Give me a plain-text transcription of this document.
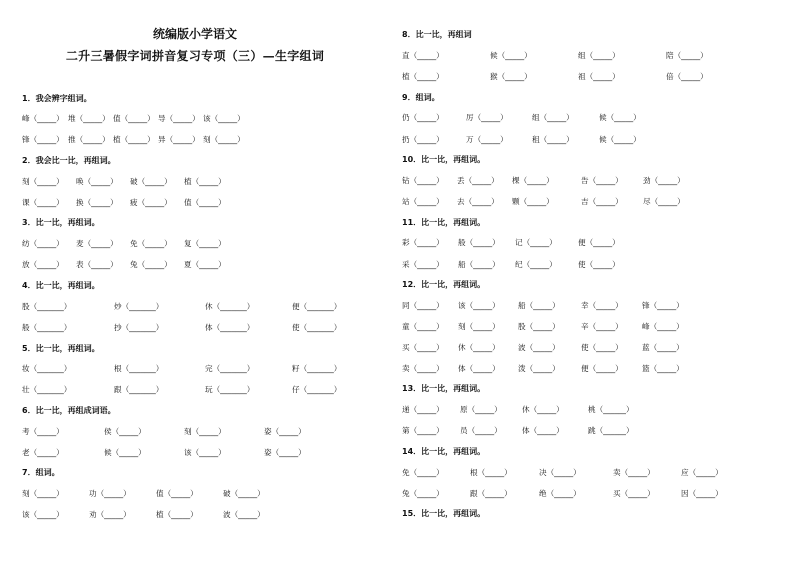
统编版小学语文
二升三暑假字词拼音复习专项（三）—生字组词
1．我会辨字组词。
峰（_____） 堆（_____） 值（_____） 导（_____） 该（_____）
锋（_____） 推（_____） 植（_____） 异（_____） 刻（_____）
2．我会比一比，再组词。
刻（_____） 唤（_____） 破（_____） 植（_____）
课（_____） 换（_____） 疲（_____） 值（_____）
3．比一比，再组词。
纺（_____） 麦（_____） 免（_____） 复（_____）
放（_____） 表（_____） 兔（_____） 夏（_____）
4．比一比，再组词。
股（_______）	炒（_______）	休（_______）	便（_______）
般（_______）	抄（_______）	体（_______）	使（_______）
5．比一比，再组词。
妆（_______）	根（_______）	完（_______）	籽（_______）
壮（_______）	跟（_______）	玩（_______）	仔（_______）
6．比一比，再组成词语。
考（_____）	侯（_____）	刻（_____）	姿（_____）
老（_____）	候（_____）	该（_____）	姿（_____）
7．组词。
刻（_____）	功（_____）	值（_____）	破（_____）
该（_____）	劝（_____）	植（_____）	波（_____）
8．比一比，再组词
直（_____）	候（_____）	组（_____）	陪（_____）
植（_____）	猴（_____）	祖（_____）	倍（_____）
9．组词。
仍（_____）	厉（_____）	组（_____）	候（_____）
扔（_____）	万（_____）	租（_____）	候（_____）
10．比一比，再组词。
钻（_____） 丢（_____） 棵（_____）	告（_____）	劲（_____）
站（_____） 去（_____） 颗（_____）	吉（_____）	尽（_____）
11．比一比，再组词。
彩（_____） 般（_____） 记（_____）	便（_____）
采（_____） 船（_____） 纪（_____）	使（_____）
12．比一比，再组词。
同（_____） 该（_____） 船（_____）	幸（_____）	锋（_____）
童（_____） 刻（_____） 股（_____）	辛（_____）	峰（_____）
买（_____） 休（_____） 波（_____）	使（_____）	蓝（_____）
卖（_____） 体（_____） 泼（_____）	便（_____）	篮（_____）
13．比一比，再组词。
递（_____） 原（_____）	休（_____）	桃（______）
第（_____） 员（_____）	体（_____）	跳（______）
14．比一比，再组词。
免（_____）	根（_____）	决（_____）	卖（_____）	应（_____）
兔（_____）	跟（_____）	绝（_____）	买（_____）	因（_____）
15．比一比，再组词。
